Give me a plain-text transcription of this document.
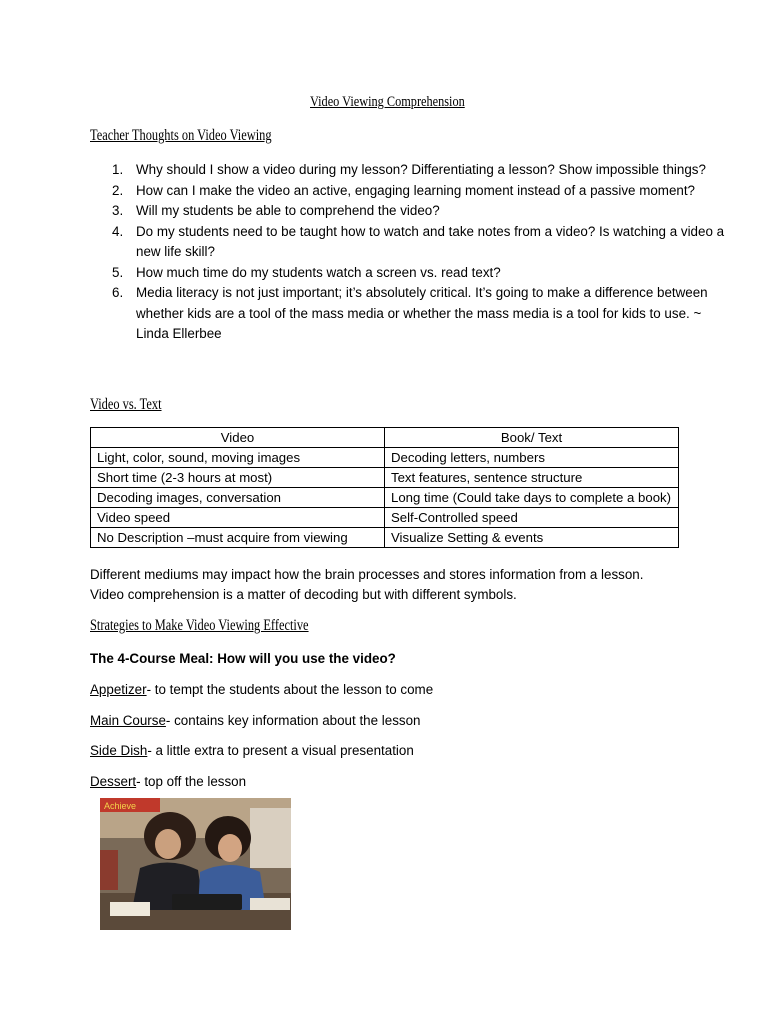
Video Viewing Comprehension
Teacher Thoughts on Video Viewing
1. Why should I show a video during my lesson? Differentiating a lesson? Show impossible things?
2. How can I make the video an active, engaging learning moment instead of a passive moment?
3. Will my students be able to comprehend the video?
4. Do my students need to be taught how to watch and take notes from a video? Is watching a video a new life skill?
5. How much time do my students watch a screen vs. read text?
6. Media literacy is not just important; it’s absolutely critical. It’s going to make a difference between whether kids are a tool of the mass media or whether the mass media is a tool for kids to use. ~ Linda Ellerbee
Video vs. Text
Video	Book/ Text
Light, color, sound, moving images	Decoding letters, numbers
Short time (2-3 hours at most)	Text features, sentence structure
Decoding images, conversation	Long time (Could take days to complete a book)
Video speed	Self-Controlled speed
No Description –must acquire from viewing	Visualize Setting & events
Different mediums may impact how the brain processes and stores information from a lesson.
Video comprehension is a matter of decoding but with different symbols.
Strategies to Make Video Viewing Effective
The 4-Course Meal: How will you use the video?
Appetizer- to tempt the students about the lesson to come
Main Course- contains key information about the lesson
Side Dish- a little extra to present a visual presentation
Dessert- top off the lesson
Achieve
